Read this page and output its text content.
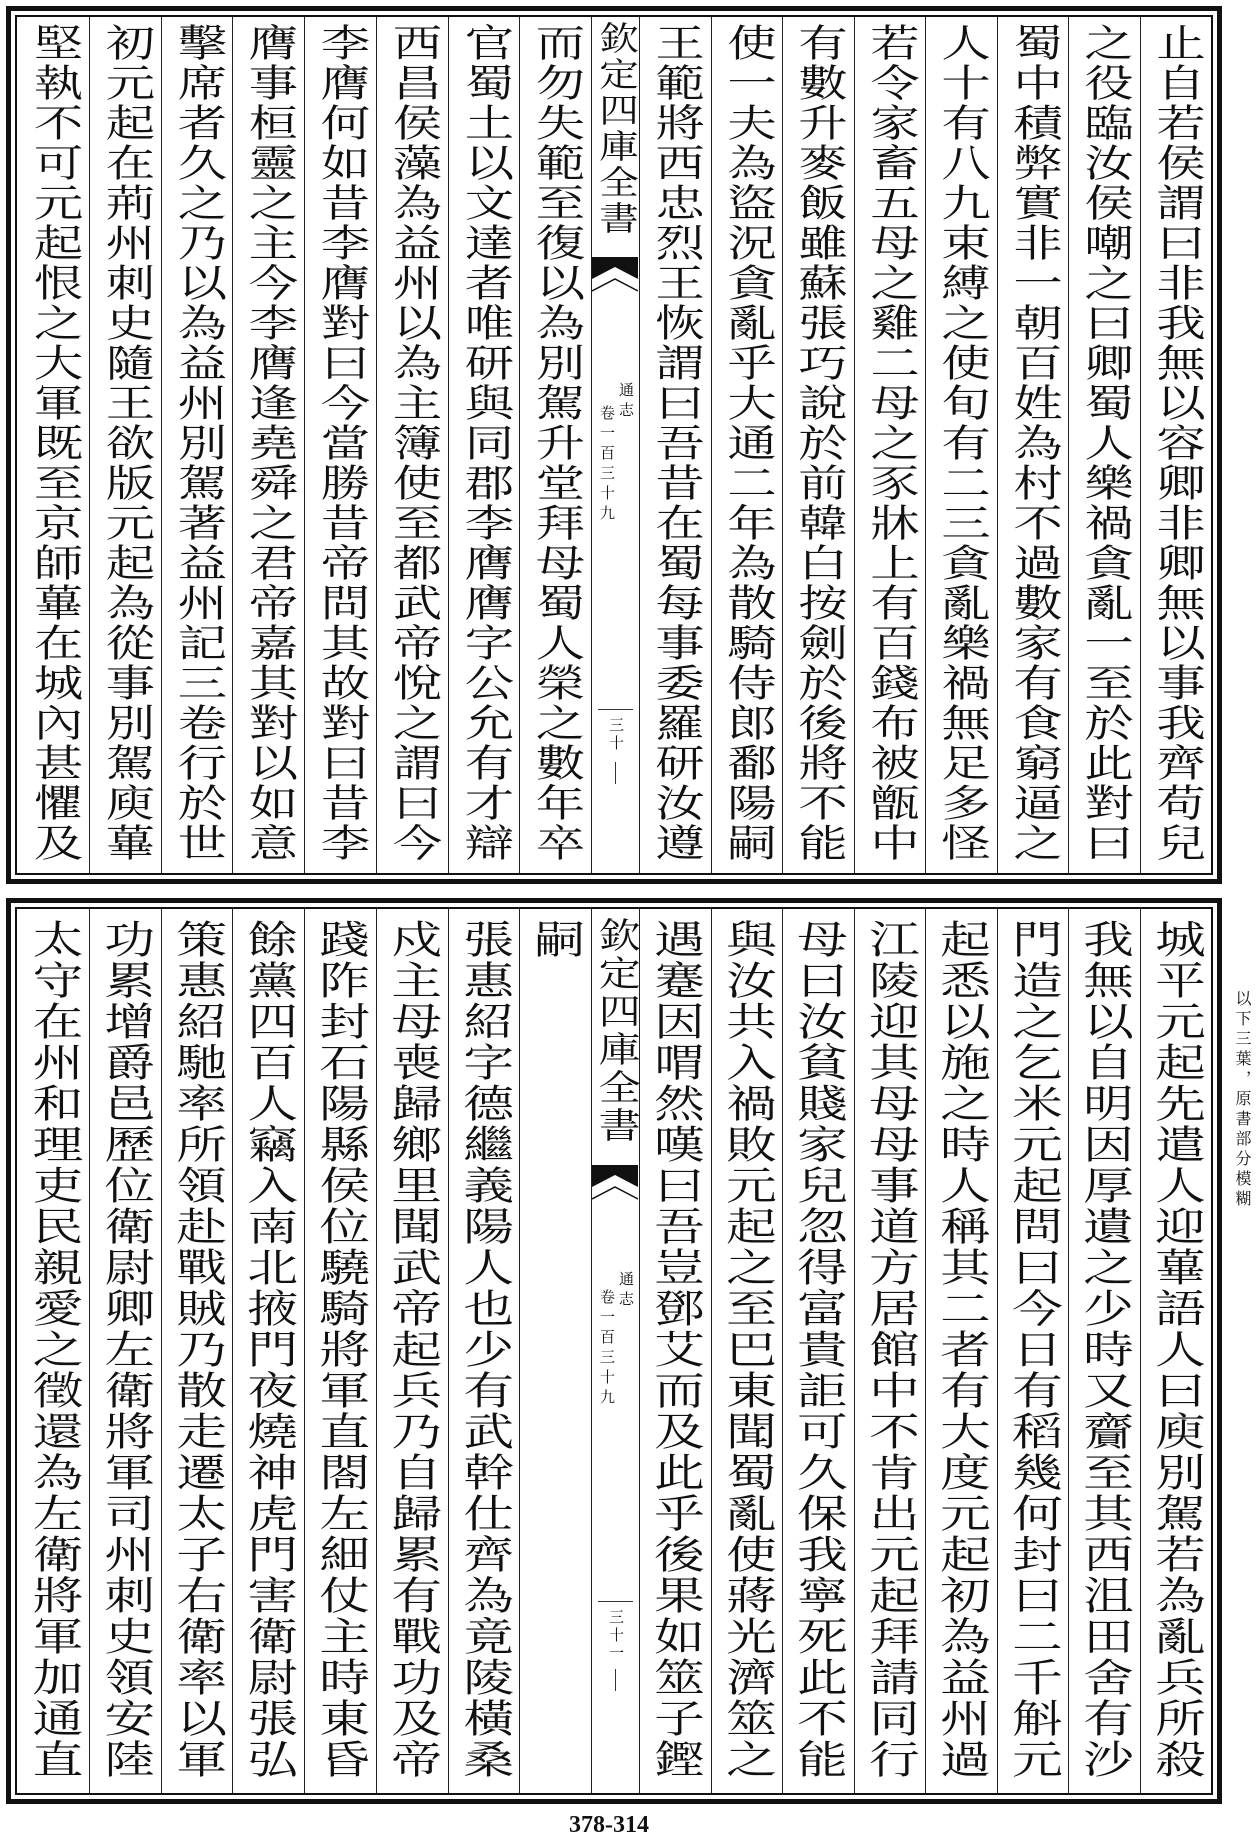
止自若侯謂曰非我無以容卿非卿無以事我齊苟兒
之役臨汝侯嘲之曰卿蜀人樂禍貪亂一至於此對曰
蜀中積弊實非一朝百姓為村不過數家有食窮逼之
人十有八九束縛之使旬有二三貪亂樂禍無足多怪
若令家畜五母之雞二母之豕牀上有百錢布被甑中
有數升麥飯雖蘇張巧說於前韓白按劍於後將不能
使一夫為盜況貪亂乎大通二年為散騎侍郎鄱陽嗣
王範將西忠烈王恢謂曰吾昔在蜀每事委羅研汝遵
欽定四庫全書
通志
卷一百三十九
三十
而勿失範至復以為別駕升堂拜母蜀人榮之數年卒
官蜀土以文達者唯研與同郡李膺膺字公允有才辯
西昌侯藻為益州以為主簿使至都武帝悅之謂曰今
李膺何如昔李膺對曰今當勝昔帝問其故對曰昔李
膺事桓靈之主今李膺逢堯舜之君帝嘉其對以如意
擊席者久之乃以為益州別駕著益州記三卷行於世
初元起在荊州刺史隨王欲版元起為從事別駕庾蓽
堅執不可元起恨之大軍既至京師蓽在城內甚懼及
城平元起先遣人迎蓽語人曰庾別駕若為亂兵所殺
我無以自明因厚遺之少時又齎至其西沮田舍有沙
門造之乞米元起問曰今日有稻幾何封曰二千斛元
起悉以施之時人稱其二者有大度元起初為益州過
江陵迎其母母事道方居館中不肯出元起拜請同行
母曰汝貧賤家兒忽得富貴詎可久保我寧死此不能
與汝共入禍敗元起之至巴東聞蜀亂使蔣光濟筮之
遇蹇因喟然嘆曰吾豈鄧艾而及此乎後果如筮子鏗
欽定四庫全書
通志
卷一百三十九
三十一
嗣
張惠紹字德繼義陽人也少有武幹仕齊為竟陵橫桑
戍主母喪歸鄉里聞武帝起兵乃自歸累有戰功及帝
踐阼封石陽縣侯位驍騎將軍直閤左細仗主時東昏
餘黨四百人竊入南北掖門夜燒神虎門害衛尉張弘
策惠紹馳率所領赴戰賊乃散走遷太子右衛率以軍
功累增爵邑歷位衛尉卿左衛將軍司州刺史領安陸
太守在州和理吏民親愛之徵還為左衛將軍加通直	以下三葉，原書部分模糊
378-314
